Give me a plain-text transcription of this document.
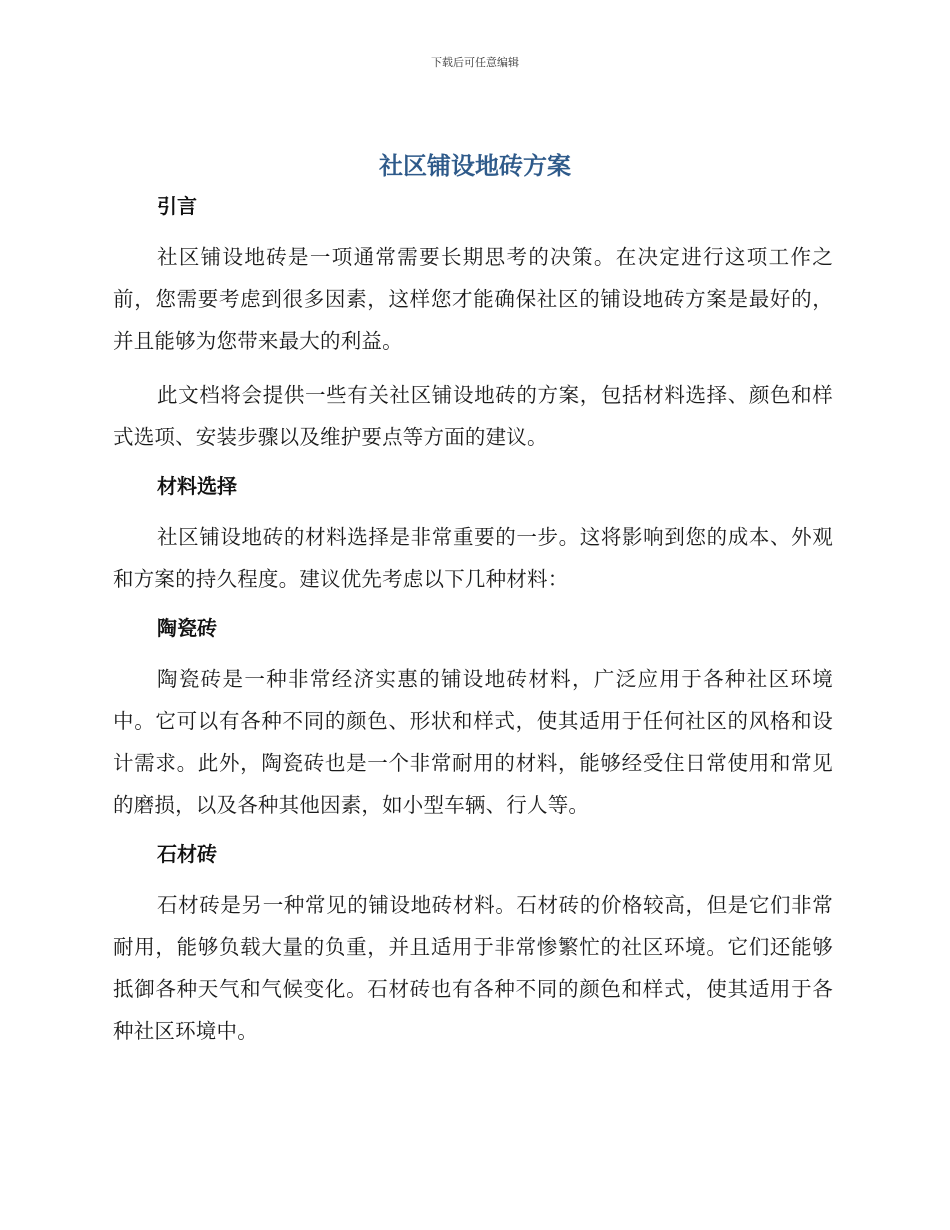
下载后可任意编辑
社区铺设地砖方案
引言

社区铺设地砖是一项通常需要长期思考的决策。在决定进行这项工作之前，您需要考虑到很多因素，这样您才能确保社区的铺设地砖方案是最好的，并且能够为您带来最大的利益。

此文档将会提供一些有关社区铺设地砖的方案，包括材料选择、颜色和样式选项、安装步骤以及维护要点等方面的建议。

材料选择

社区铺设地砖的材料选择是非常重要的一步。这将影响到您的成本、外观和方案的持久程度。建议优先考虑以下几种材料：

陶瓷砖

陶瓷砖是一种非常经济实惠的铺设地砖材料，广泛应用于各种社区环境中。它可以有各种不同的颜色、形状和样式，使其适用于任何社区的风格和设计需求。此外，陶瓷砖也是一个非常耐用的材料，能够经受住日常使用和常见的磨损，以及各种其他因素，如小型车辆、行人等。

石材砖

石材砖是另一种常见的铺设地砖材料。石材砖的价格较高，但是它们非常耐用，能够负载大量的负重，并且适用于非常惨繁忙的社区环境。它们还能够抵御各种天气和气候变化。石材砖也有各种不同的颜色和样式，使其适用于各种社区环境中。
